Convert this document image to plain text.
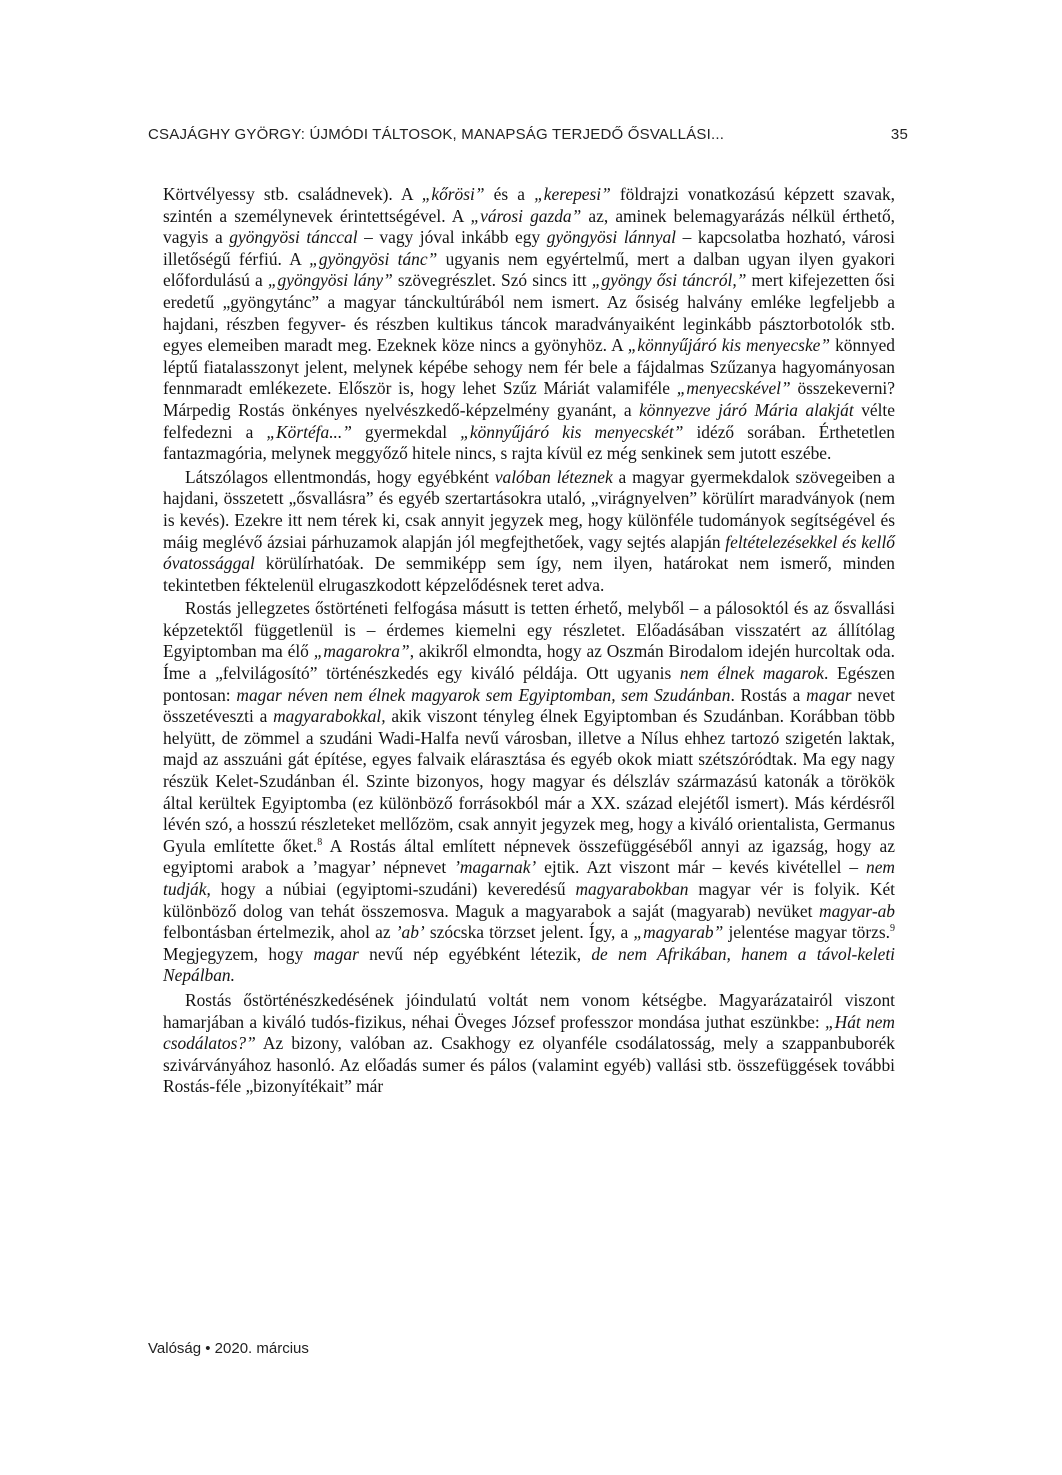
CSAJÁGHY GYÖRGY: ÚJMÓDI TÁLTOSOK, MANAPSÁG TERJEDŐ ŐSVALLÁSI...	35

Körtvélyessy stb. családnevek). A „kőrösi” és a „kerepesi” földrajzi vonatkozású képzett szavak, szintén a személynevek érintettségével. A „városi gazda” az, aminek belemagyarázás nélkül érthető, vagyis a gyöngyösi tánccal – vagy jóval inkább egy gyöngyösi lánnyal – kapcsolatba hozható, városi illetőségű férfiú. A „gyöngyösi tánc” ugyanis nem egyértelmű, mert a dalban ugyan ilyen gyakori előfordulású a „gyöngyösi lány” szövegrészlet. Szó sincs itt „gyöngy ősi táncról,” mert kifejezetten ősi eredetű „gyöngytánc” a magyar tánckultúrából nem ismert. Az ősiség halvány emléke legfeljebb a hajdani, részben fegyver- és részben kultikus táncok maradványaiként leginkább pásztorbotolók stb. egyes elemeiben maradt meg. Ezeknek köze nincs a gyönyhöz. A „könnyűjáró kis menyecske” könnyed léptű fiatalasszonyt jelent, melynek képébe sehogy nem fér bele a fájdalmas Szűzanya hagyományosan fennmaradt emlékezete. Először is, hogy lehet Szűz Máriát valamiféle „menyecskével” összekeverni? Márpedig Rostás önkényes nyelvészkedő-képzelmény gyanánt, a könnyezve járó Mária alakját vélte felfedezni a „Körtéfa...” gyermekdal „könnyűjáró kis menyecskét” idéző sorában. Érthetetlen fantazmagória, melynek meggyőző hitele nincs, s rajta kívül ez még senkinek sem jutott eszébe.

Látszólagos ellentmondás, hogy egyébként valóban léteznek a magyar gyermekdalok szövegeiben a hajdani, összetett „ősvallásra” és egyéb szertartásokra utaló, „virágnyelven” körülírt maradványok (nem is kevés). Ezekre itt nem térek ki, csak annyit jegyzek meg, hogy különféle tudományok segítségével és máig meglévő ázsiai párhuzamok alapján jól megfejthetőek, vagy sejtés alapján feltételezésekkel és kellő óvatossággal körülírhatóak. De semmiképp sem így, nem ilyen, határokat nem ismerő, minden tekintetben féktelenül elrugaszkodott képzelődésnek teret adva.

Rostás jellegzetes őstörténeti felfogása másutt is tetten érhető, melyből – a pálosoktól és az ősvallási képzetektől függetlenül is – érdemes kiemelni egy részletet. Előadásában visszatért az állítólag Egyiptomban ma élő „magarokra”, akikről elmondta, hogy az Oszmán Birodalom idején hurcoltak oda. Íme a „felvilágosító” történészkedés egy kiváló példája. Ott ugyanis nem élnek magarok. Egészen pontosan: magar néven nem élnek magyarok sem Egyiptomban, sem Szudánban. Rostás a magar nevet összetéveszti a magyarabokkal, akik viszont tényleg élnek Egyiptomban és Szudánban. Korábban több helyütt, de zömmel a szudáni Wadi-Halfa nevű városban, illetve a Nílus ehhez tartozó szigetén laktak, majd az asszuáni gát építése, egyes falvaik elárasztása és egyéb okok miatt szétszóródtak. Ma egy nagy részük Kelet-Szudánban él. Szinte bizonyos, hogy magyar és délszláv származású katonák a törökök által kerültek Egyiptomba (ez különböző forrásokból már a XX. század elejétől ismert). Más kérdésről lévén szó, a hosszú részleteket mellőzöm, csak annyit jegyzek meg, hogy a kiváló orientalista, Germanus Gyula említette őket.$^8$ A Rostás által említett népnevek összefüggéséből annyi az igazság, hogy az egyiptomi arabok a ’magyar’ népnevet ’magarnak’ ejtik. Azt viszont már – kevés kivétellel – nem tudják, hogy a núbiai (egyiptomi-szudáni) keveredésű magyarabokban magyar vér is folyik. Két különböző dolog van tehát összemosva. Maguk a magyarabok a saját (magyarab) nevüket magyar-ab felbontásban értelmezik, ahol az ’ab’ szócska törzset jelent. Így, a „magyarab” jelentése magyar törzs.$^9$ Megjegyzem, hogy magar nevű nép egyébként létezik, de nem Afrikában, hanem a távol-keleti Nepálban.

Rostás őstörténészkedésének jóindulatú voltát nem vonom kétségbe. Magyarázatairól viszont hamarjában a kiváló tudós-fizikus, néhai Öveges József professzor mondása juthat eszünkbe: „Hát nem csodálatos?” Az bizony, valóban az. Csakhogy ez olyanféle csodálatosság, mely a szappanbuborék szivárványához hasonló. Az előadás sumer és pálos (valamint egyéb) vallási stb. összefüggések további Rostás-féle „bizonyítékait” már

Valóság • 2020. március
